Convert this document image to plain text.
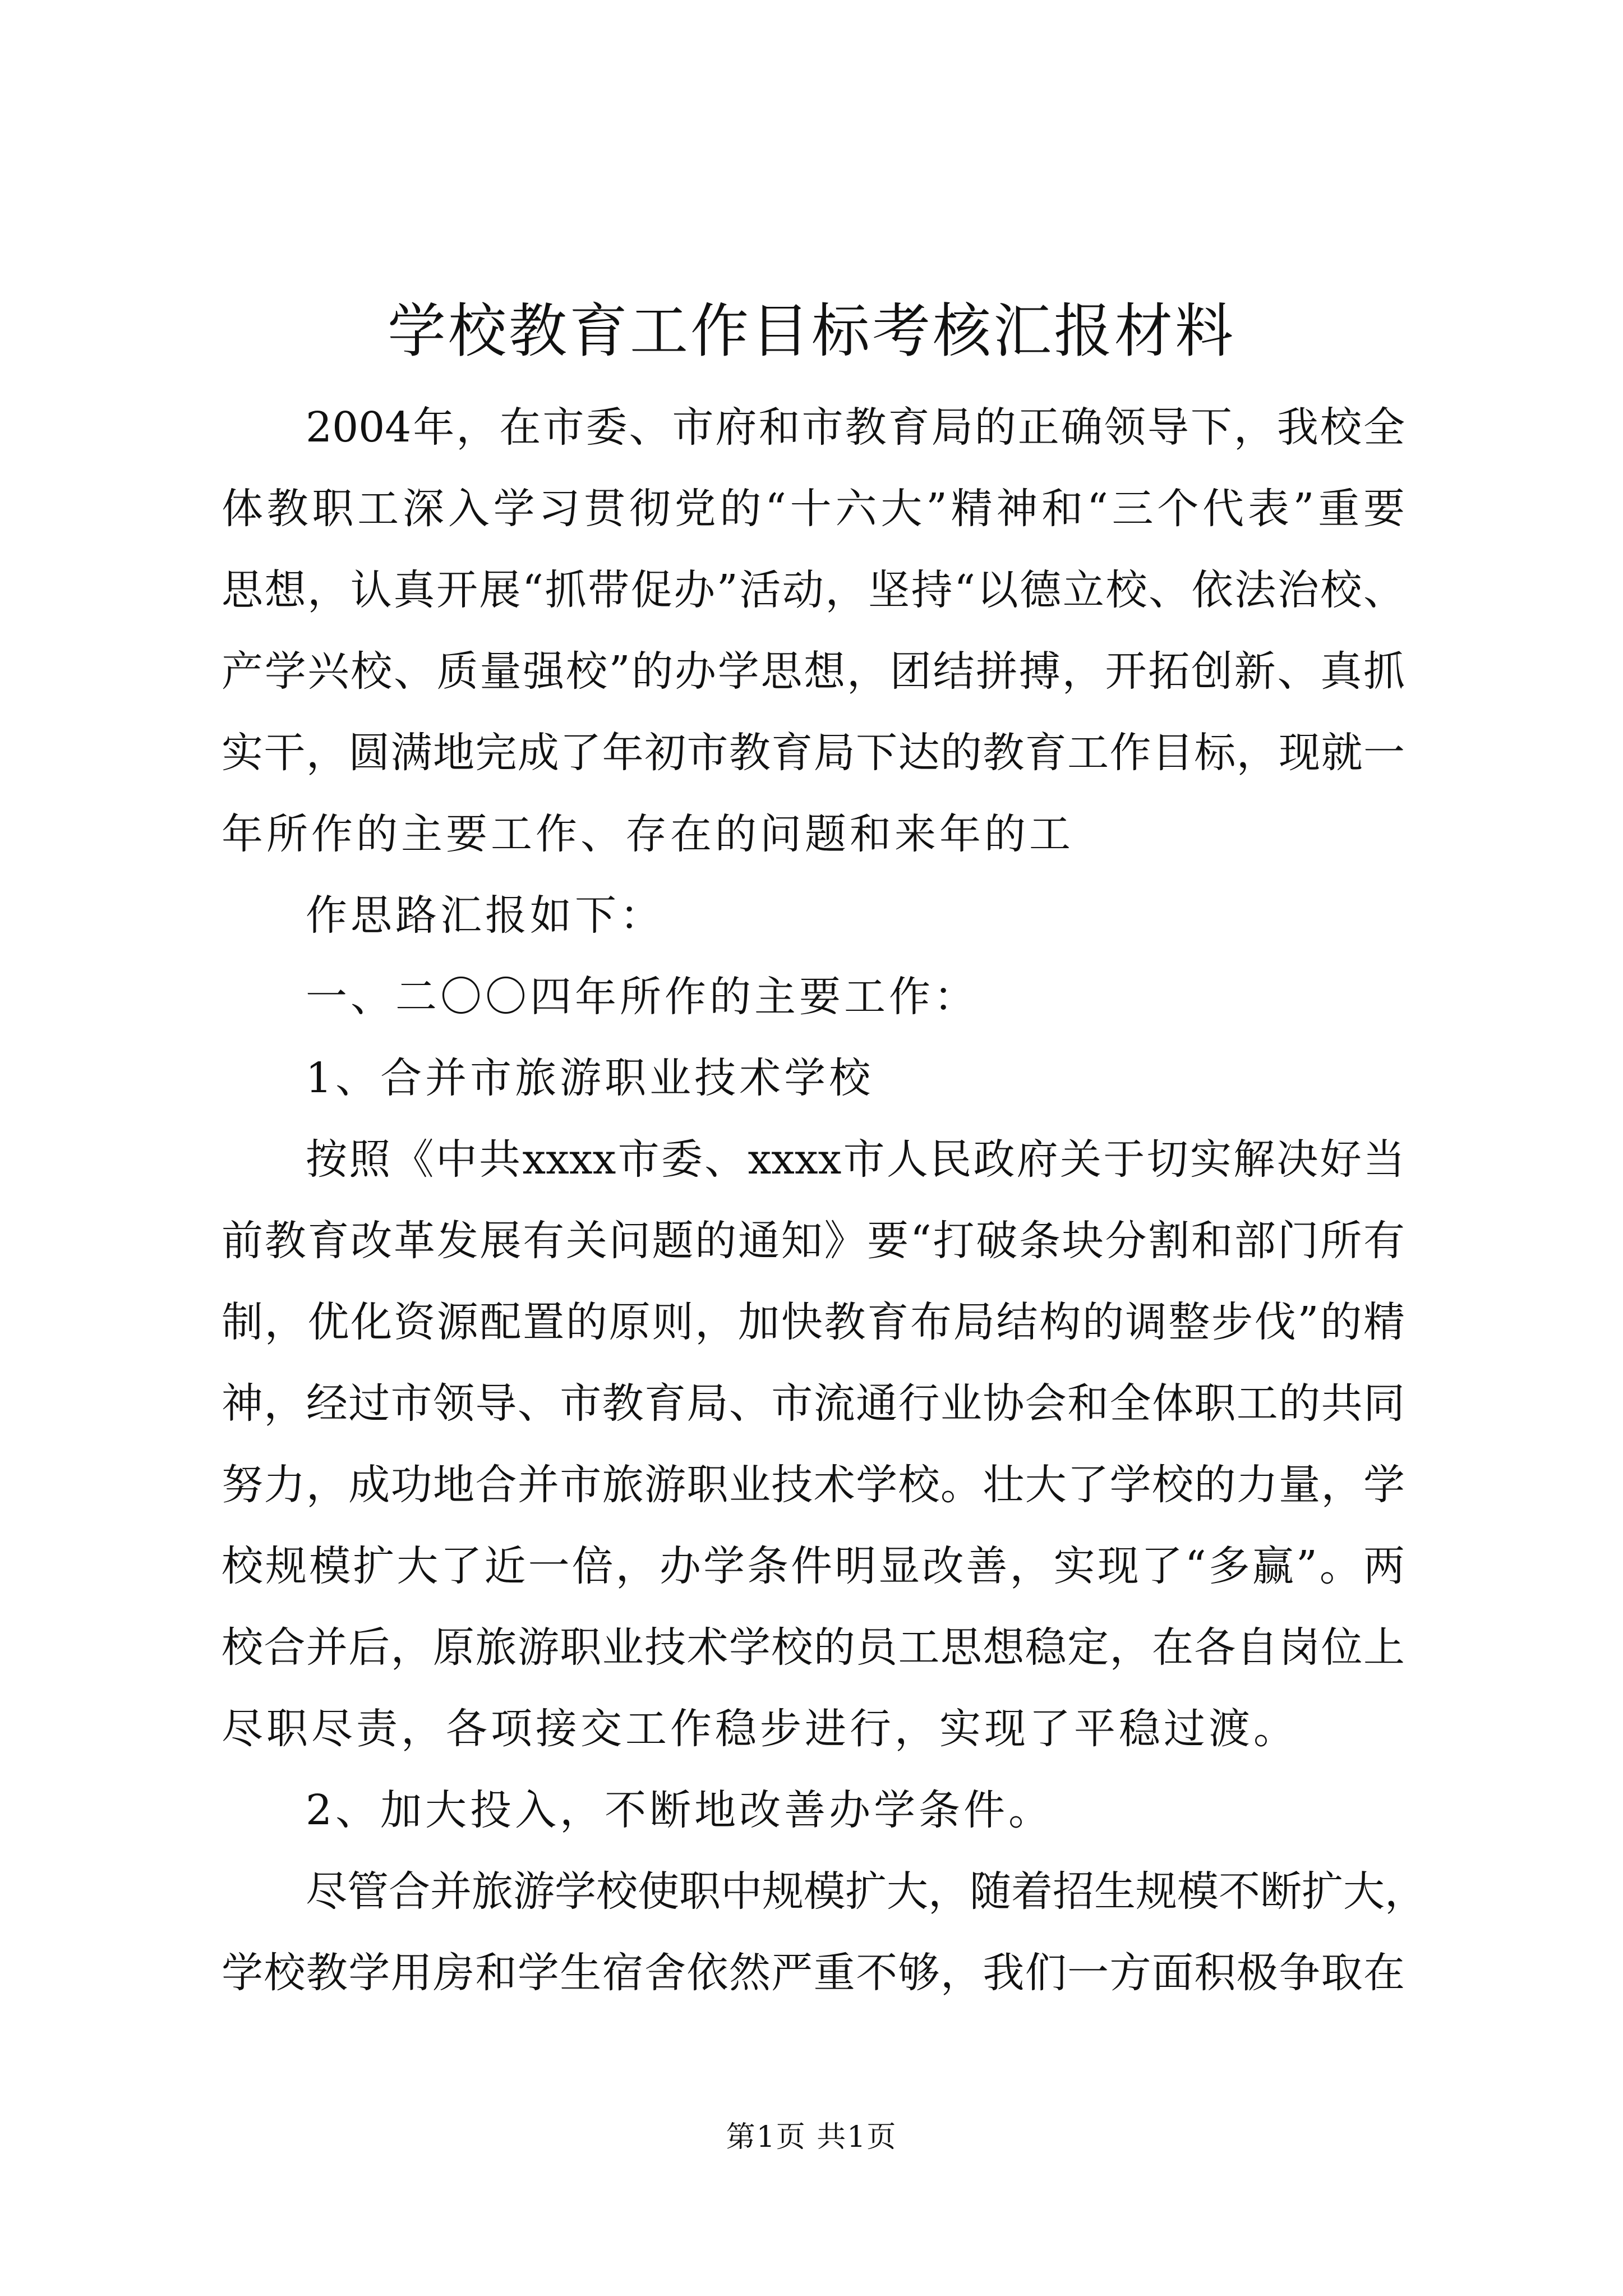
学校教育工作目标考核汇报材料
2004年，在市委、市府和市教育局的正确领导下，我校全
体教职工深入学习贯彻党的“十六大”精神和“三个代表”重要
思想，认真开展“抓带促办”活动，坚持“以德立校、依法治校、
产学兴校、质量强校”的办学思想，团结拼搏，开拓创新、真抓
实干，圆满地完成了年初市教育局下达的教育工作目标，现就一
年所作的主要工作、存在的问题和来年的工
作思路汇报如下：
一、二〇〇四年所作的主要工作：
1、合并市旅游职业技术学校
按照《中共xxxx市委、xxxx市人民政府关于切实解决好当
前教育改革发展有关问题的通知》要“打破条块分割和部门所有
制，优化资源配置的原则，加快教育布局结构的调整步伐”的精
神，经过市领导、市教育局、市流通行业协会和全体职工的共同
努力，成功地合并市旅游职业技术学校。壮大了学校的力量，学
校规模扩大了近一倍，办学条件明显改善，实现了“多赢”。两
校合并后，原旅游职业技术学校的员工思想稳定，在各自岗位上
尽职尽责，各项接交工作稳步进行，实现了平稳过渡。
2、加大投入，不断地改善办学条件。
尽管合并旅游学校使职中规模扩大，随着招生规模不断扩大，
学校教学用房和学生宿舍依然严重不够，我们一方面积极争取在
第1页 共1页
